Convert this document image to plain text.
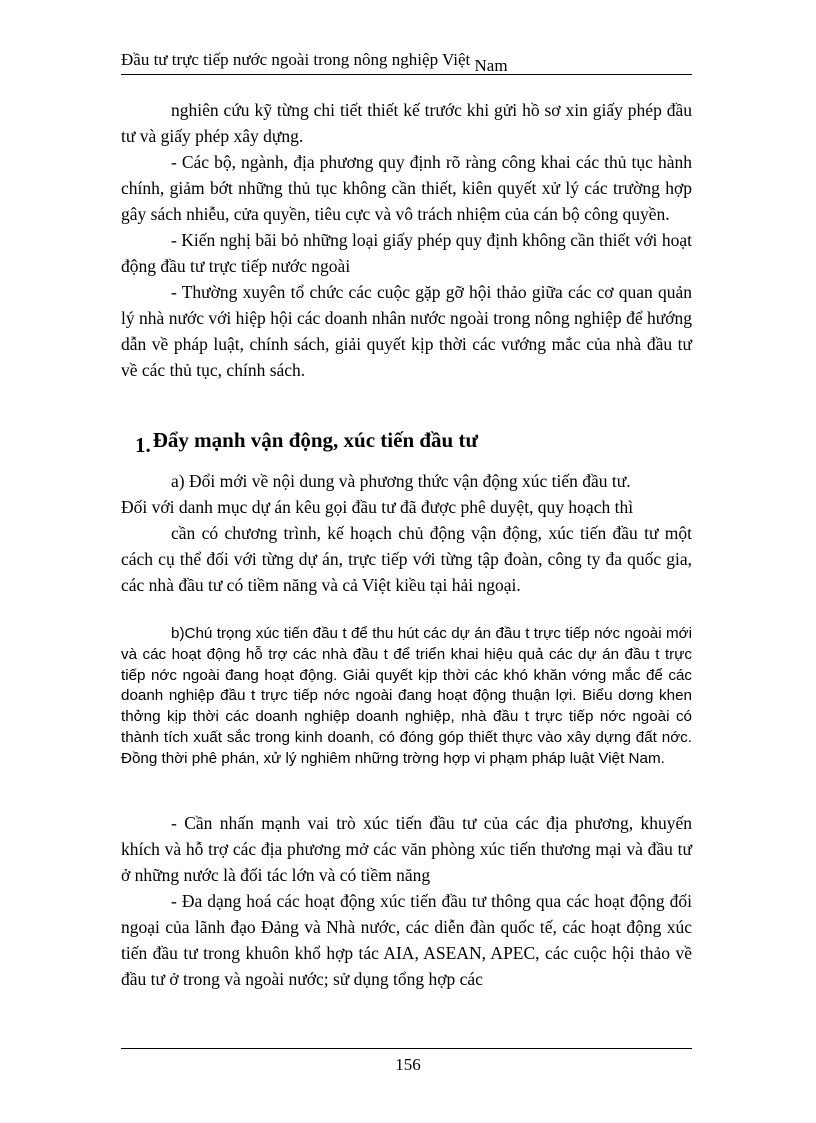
Đầu tư trực tiếp nước ngoài trong nông nghiệp Việt Nam

nghiên cứu kỹ từng chi tiết thiết kế trước khi gửi hồ sơ xin giấy phép đầu tư và giấy phép xây dựng.

- Các bộ, ngành, địa phương quy định rõ ràng công khai các thủ tục hành chính, giảm bớt những thủ tục không cần thiết, kiên quyết xử lý các trường hợp gây sách nhiễu, cửa quyền, tiêu cực và vô trách nhiệm của cán bộ công quyền.

- Kiến nghị bãi bỏ những loại giấy phép quy định không cần thiết với hoạt động đầu tư trực tiếp nước ngoài

- Thường xuyên tổ chức các cuộc gặp gỡ hội thảo giữa các cơ quan quản lý nhà nước với hiệp hội các doanh nhân nước ngoài trong nông nghiệp để hướng dẫn về pháp luật, chính sách, giải quyết kịp thời các vướng mắc của nhà đầu tư về các thủ tục, chính sách.

1.Đẩy mạnh vận động, xúc tiến đầu tư

a) Đổi mới về nội dung và phương thức vận động xúc tiến đầu tư.

Đối với danh mục dự án kêu gọi đầu tư đã được phê duyệt, quy hoạch thì

cần có chương trình, kế hoạch chủ động vận động, xúc tiến đầu tư một cách cụ thể đối với từng dự án, trực tiếp với từng tập đoàn, công ty đa quốc gia, các nhà đầu tư có tiềm năng và cả Việt kiều tại hải ngoại.

b)Chú trọng xúc tiến đầu t để thu hút các dự án đầu t trực tiếp nớc ngoài mới và các hoạt động hỗ trợ các nhà đầu t để triển khai hiệu quả các dự án đầu t trực tiếp nớc ngoài đang hoạt động. Giải quyết kịp thời các khó khăn vớng mắc để các doanh nghiệp đầu t trực tiếp nớc ngoài đang hoạt động thuận lợi. Biểu dơng khen thởng kịp thời các doanh nghiệp doanh nghiệp, nhà đầu t trực tiếp nớc ngoài có thành tích xuất sắc trong kinh doanh, có đóng góp thiết thực vào xây dựng đất nớc. Đồng thời phê phán, xử lý nghiêm những trờng hợp vi phạm pháp luật Việt Nam.

- Cần nhấn mạnh vai trò xúc tiến đầu tư của các địa phương, khuyến khích và hỗ trợ các địa phương mở các văn phòng xúc tiến thương mại và đầu tư ở những nước là đối tác lớn và có tiềm năng

- Đa dạng hoá các hoạt động xúc tiến đầu tư thông qua các hoạt động đối ngoại của lãnh đạo Đảng và Nhà nước, các diễn đàn quốc tế, các hoạt động xúc tiến đầu tư trong khuôn khổ hợp tác AIA, ASEAN, APEC, các cuộc hội thảo về đầu tư ở trong và ngoài nước; sử dụng tổng hợp các

156
